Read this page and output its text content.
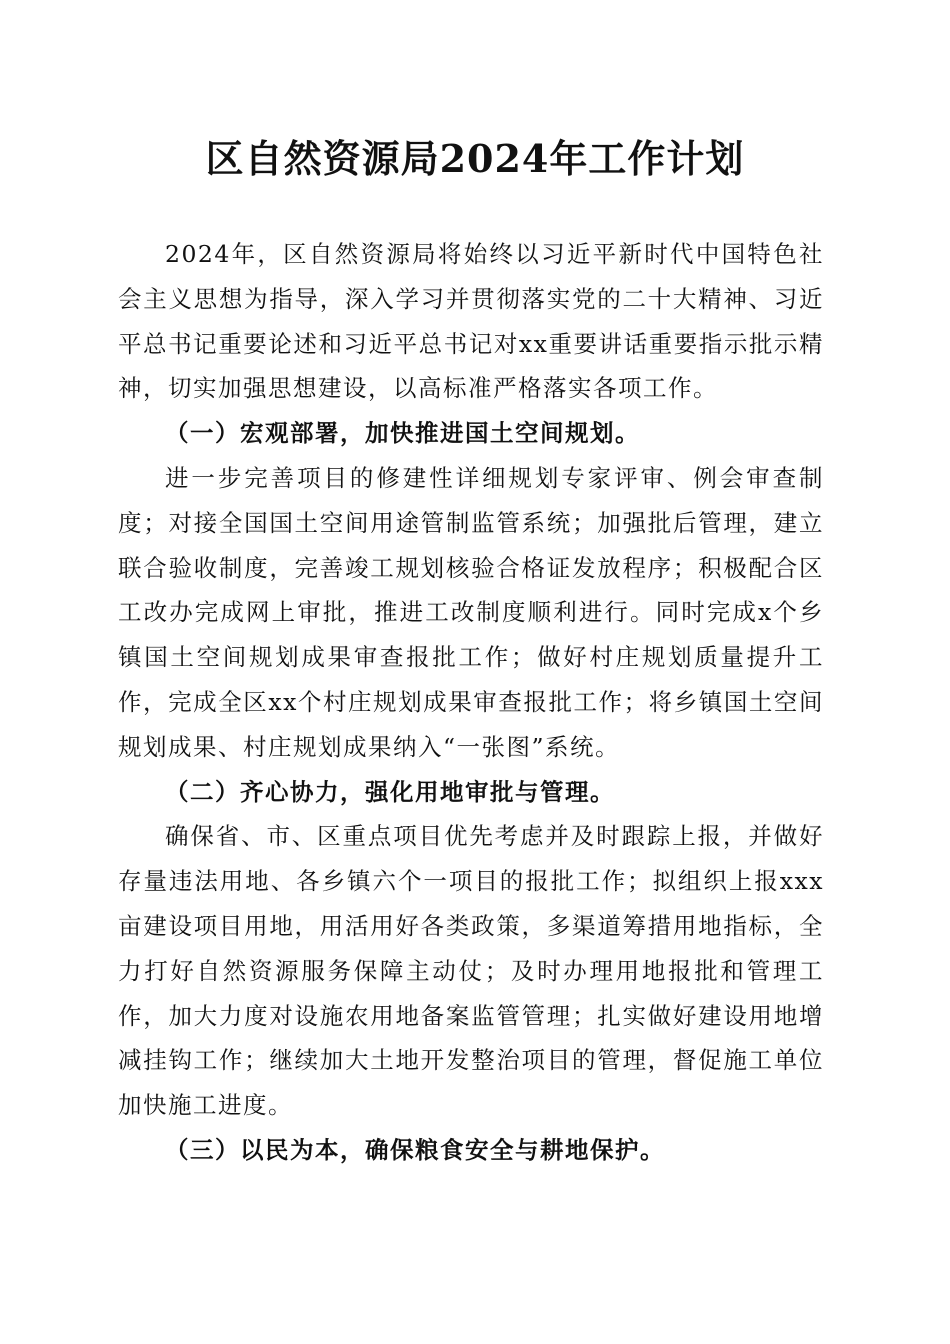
区自然资源局2024年工作计划

2024年，区自然资源局将始终以习近平新时代中国特色社会主义思想为指导，深入学习并贯彻落实党的二十大精神、习近平总书记重要论述和习近平总书记对xx重要讲话重要指示批示精神，切实加强思想建设，以高标准严格落实各项工作。

（一）宏观部署，加快推进国土空间规划。

进一步完善项目的修建性详细规划专家评审、例会审查制度；对接全国国土空间用途管制监管系统；加强批后管理，建立联合验收制度，完善竣工规划核验合格证发放程序；积极配合区工改办完成网上审批，推进工改制度顺利进行。同时完成x个乡镇国土空间规划成果审查报批工作；做好村庄规划质量提升工作，完成全区xx个村庄规划成果审查报批工作；将乡镇国土空间规划成果、村庄规划成果纳入“一张图”系统。

（二）齐心协力，强化用地审批与管理。

确保省、市、区重点项目优先考虑并及时跟踪上报，并做好存量违法用地、各乡镇六个一项目的报批工作；拟组织上报xxx亩建设项目用地，用活用好各类政策，多渠道筹措用地指标，全力打好自然资源服务保障主动仗；及时办理用地报批和管理工作，加大力度对设施农用地备案监管管理；扎实做好建设用地增减挂钩工作；继续加大土地开发整治项目的管理，督促施工单位加快施工进度。

（三）以民为本，确保粮食安全与耕地保护。
